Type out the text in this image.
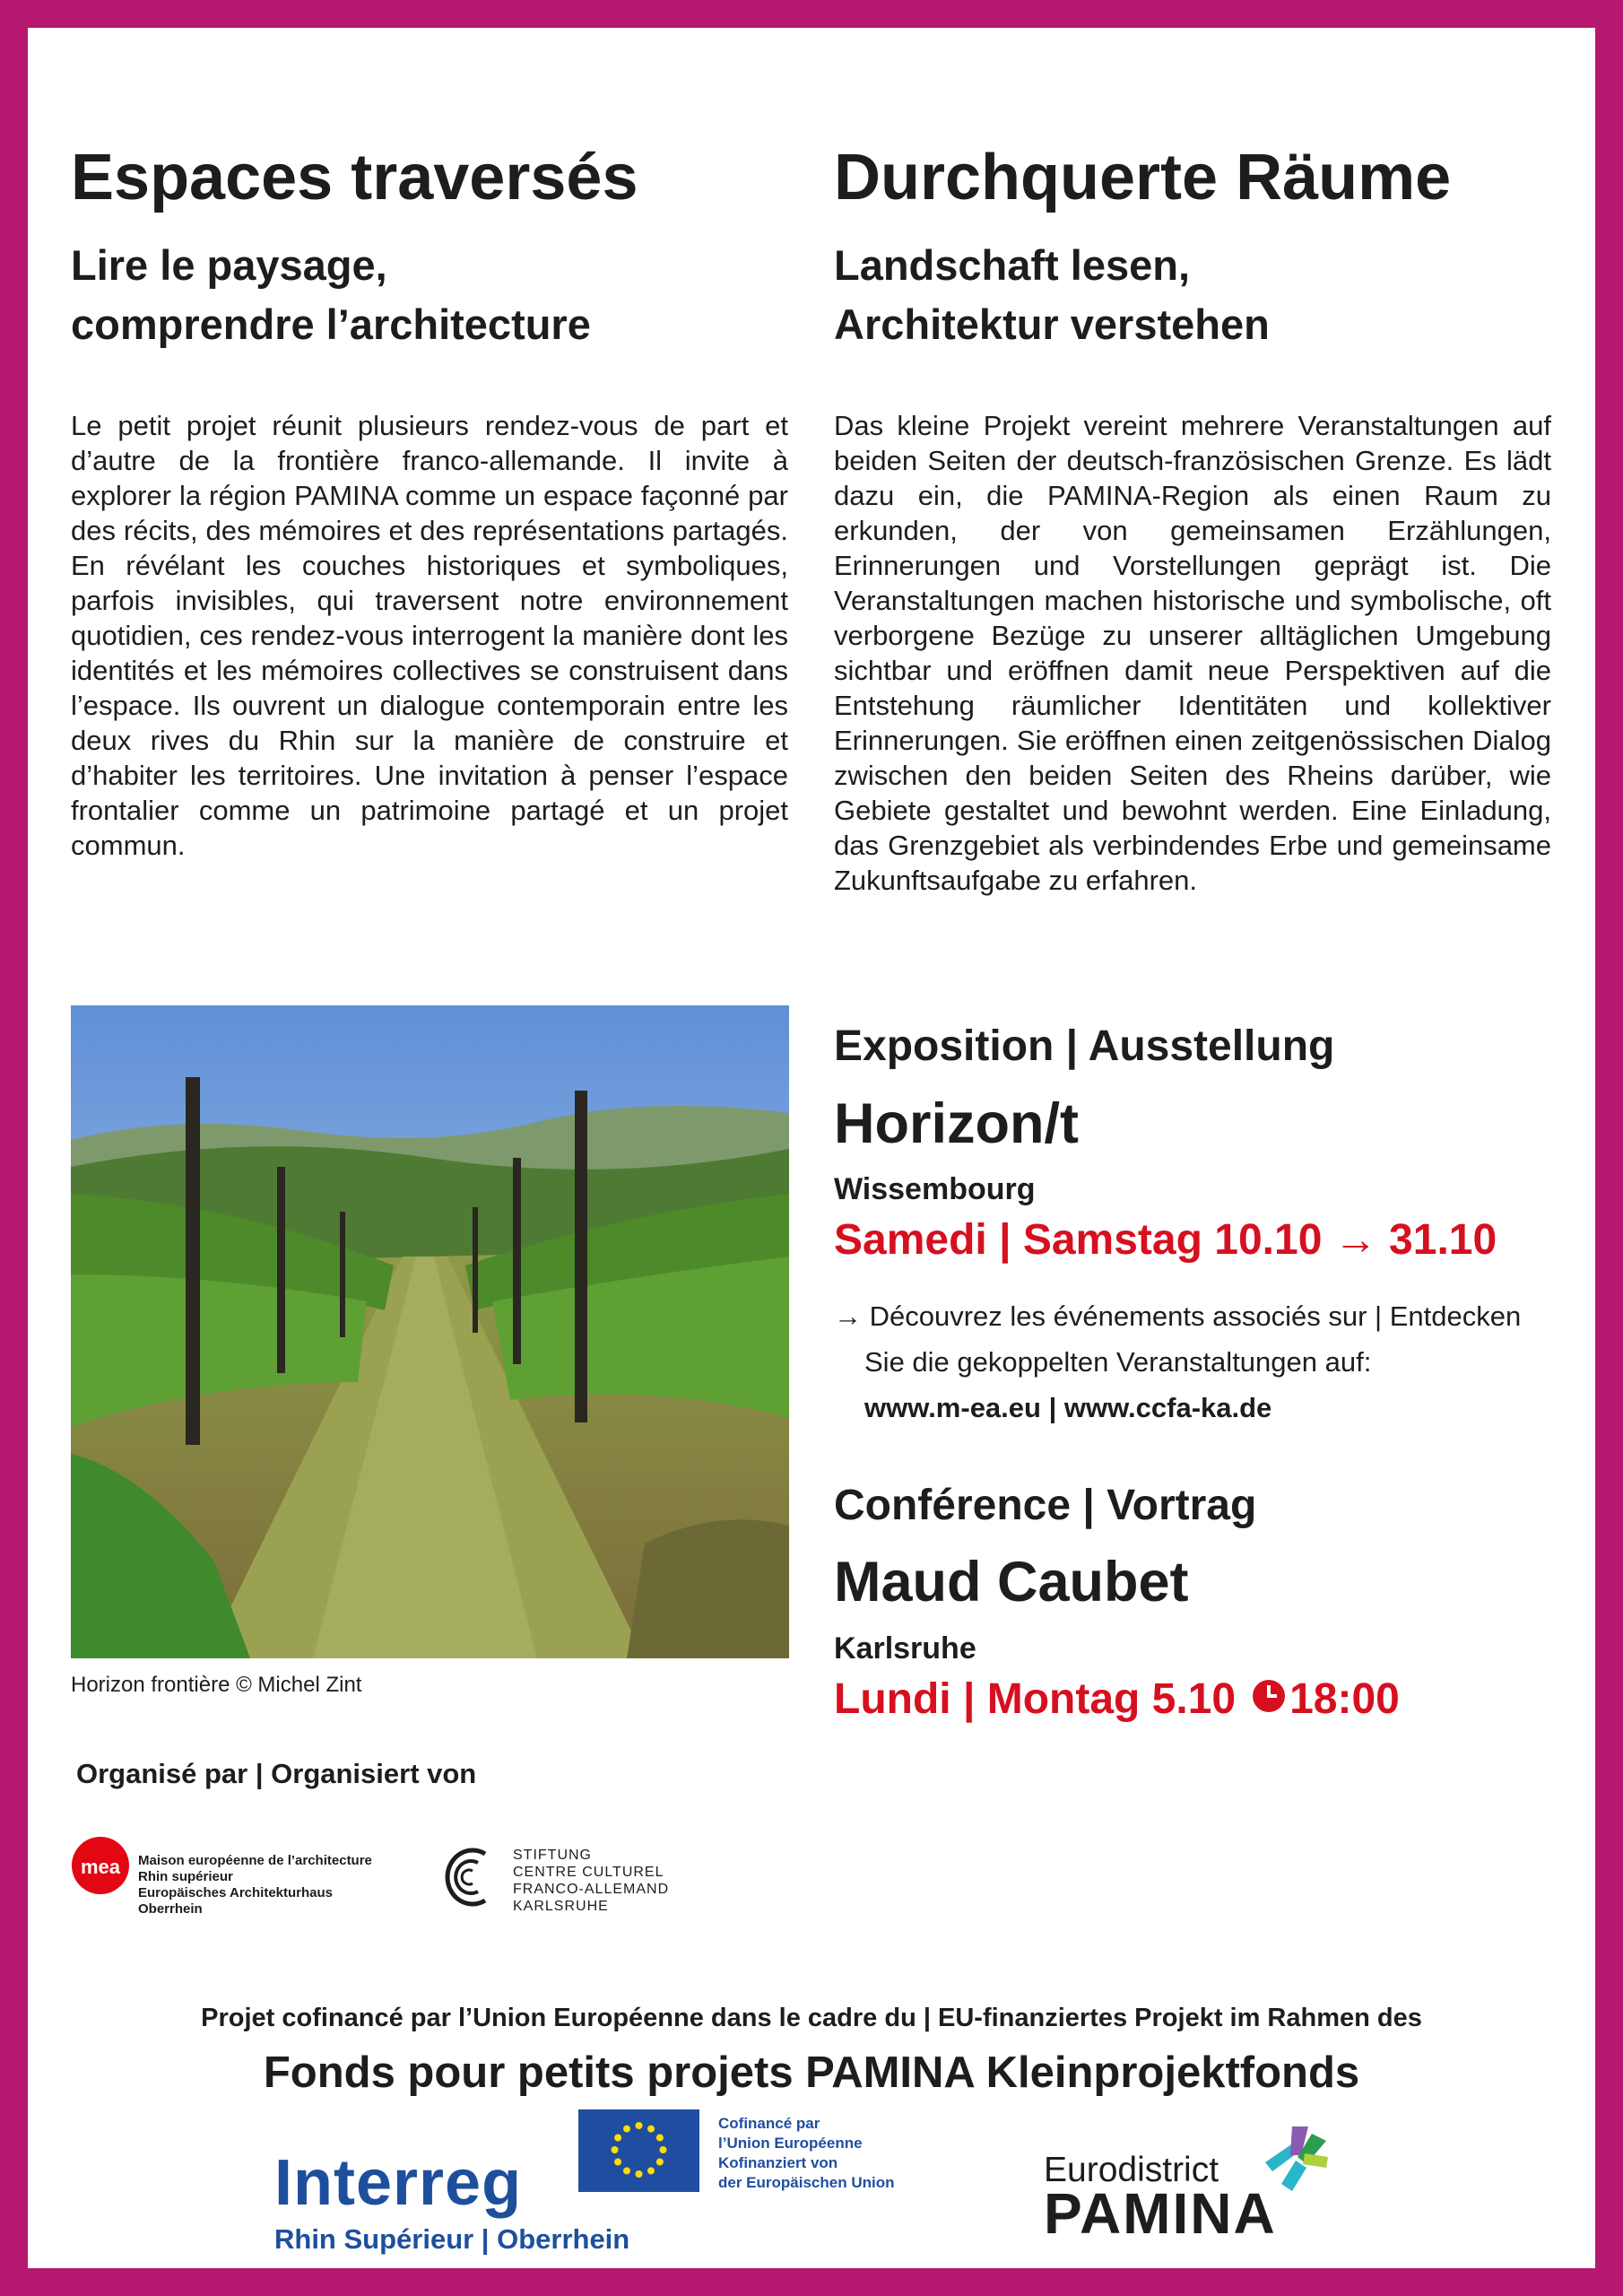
Espaces traversés
Lire le paysage,
comprendre l’architecture
Durchquerte Räume
Landschaft lesen,
Architektur verstehen
Le petit projet réunit plusieurs rendez-vous de part et d’autre de la frontière franco-allemande. Il invite à explorer la région PAMINA comme un espace façonné par des récits, des mémoires et des représentations partagés. En révélant les couches historiques et symboliques, parfois invisibles, qui traversent notre environnement quotidien, ces rendez-vous interrogent la manière dont les identités et les mémoires collectives se construisent dans l’espace. Ils ouvrent un dialogue contemporain entre les deux rives du Rhin sur la manière de construire et d’habiter les territoires. Une invitation à penser l’espace frontalier comme un patrimoine partagé et un projet commun.
Das kleine Projekt vereint mehrere Veranstaltungen auf beiden Seiten der deutsch-französischen Grenze. Es lädt dazu ein, die PAMINA-Region als einen Raum zu erkunden, der von gemeinsamen Erzählungen, Erinnerungen und Vorstellungen geprägt ist. Die Veranstaltungen machen historische und symbolische, oft verborgene Bezüge zu unserer alltäglichen Umgebung sichtbar und eröffnen damit neue Perspektiven auf die Entstehung räumlicher Identitäten und kollektiver Erinnerungen. Sie eröffnen einen zeitgenössischen Dialog zwischen den beiden Seiten des Rheins darüber, wie Gebiete gestaltet und bewohnt werden. Eine Einladung, das Grenzgebiet als verbindendes Erbe und gemeinsame Zukunftsaufgabe zu erfahren.
Horizon frontière © Michel Zint
Exposition | Ausstellung
Horizon/t
Wissembourg
Samedi | Samstag 10.10 → 31.10
→ Découvrez les événements associés sur | Entdecken
Sie die gekoppelten Veranstaltungen auf:
www.m-ea.eu | www.ccfa-ka.de
Conférence | Vortrag
Maud Caubet
Karlsruhe
Lundi | Montag 5.10 18:00
Organisé par | Organisiert von
mea Maison européenne de l’architecture
Rhin supérieur
Europäisches Architekturhaus
Oberrhein
STIFTUNG
CENTRE CULTUREL
FRANCO-ALLEMAND
KARLSRUHE
Projet cofinancé par l’Union Européenne dans le cadre du | EU-finanziertes Projekt im Rahmen des
Fonds pour petits projets PAMINA Kleinprojektfonds
Interreg
Rhin Supérieur | Oberrhein
Cofinancé par
l’Union Européenne
Kofinanziert von
der Europäischen Union	Eurodistrict
PAMINA
